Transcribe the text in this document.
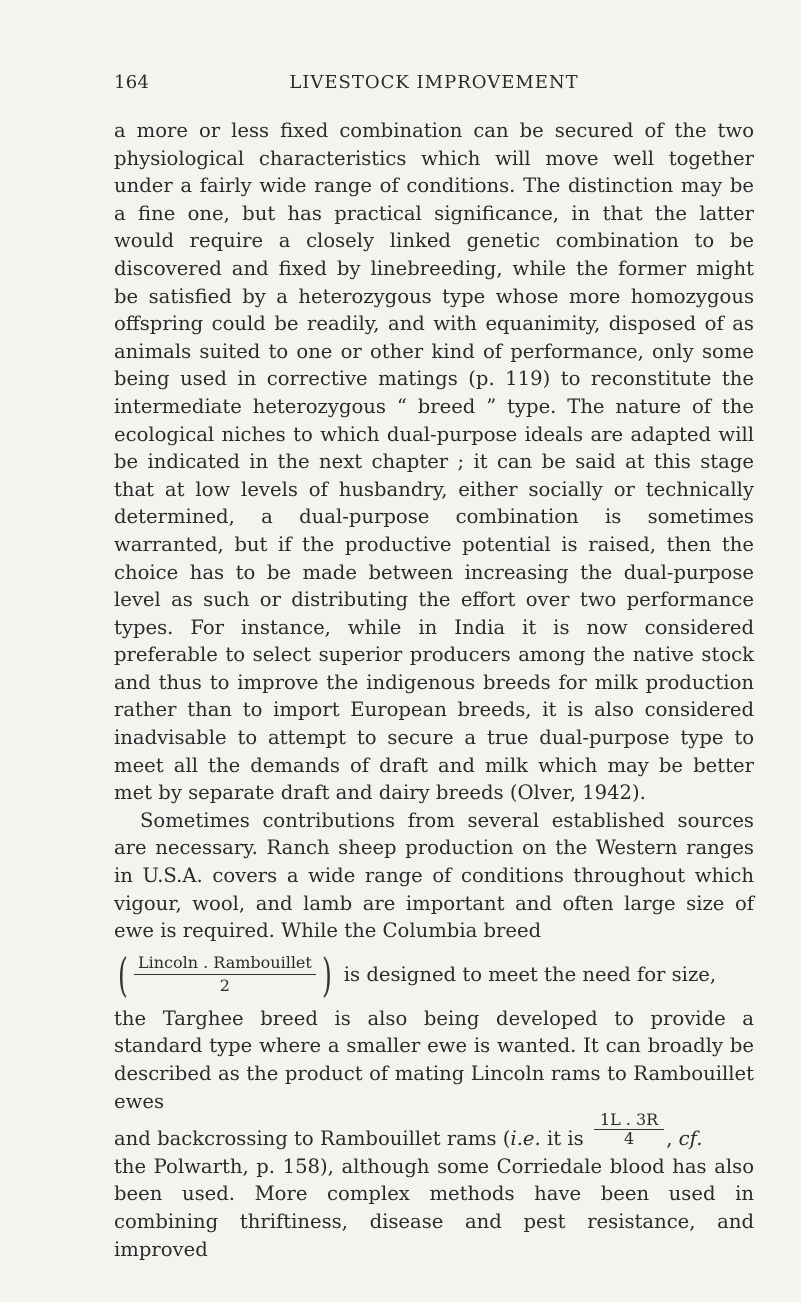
164	LIVESTOCK IMPROVEMENT

a more or less fixed combination can be secured of the two physiological characteristics which will move well together under a fairly wide range of conditions. The distinction may be a fine one, but has practical significance, in that the latter would require a closely linked genetic combination to be discovered and fixed by linebreeding, while the former might be satisfied by a heterozygous type whose more homozygous offspring could be readily, and with equanimity, disposed of as animals suited to one or other kind of performance, only some being used in corrective matings (p. 119) to reconstitute the intermediate heterozygous “ breed ” type. The nature of the ecological niches to which dual-purpose ideals are adapted will be indicated in the next chapter ; it can be said at this stage that at low levels of husbandry, either socially or technically determined, a dual-purpose combination is sometimes warranted, but if the productive potential is raised, then the choice has to be made between increasing the dual-purpose level as such or distributing the effort over two performance types. For instance, while in India it is now considered preferable to select superior producers among the native stock and thus to improve the indigenous breeds for milk production rather than to import European breeds, it is also considered inadvisable to attempt to secure a true dual-purpose type to meet all the demands of draft and milk which may be better met by separate draft and dairy breeds (Olver, 1942).

Sometimes contributions from several established sources are necessary. Ranch sheep production on the Western ranges in U.S.A. covers a wide range of conditions throughout which vigour, wool, and lamb are important and often large size of ewe is required. While the Columbia breed

( $\frac{\text{Lincoln . Rambouillet}}{2}$ ) is designed to meet the need for size,

the Targhee breed is also being developed to provide a standard type where a smaller ewe is wanted. It can broadly be described as the product of mating Lincoln rams to Rambouillet ewes

and backcrossing to Rambouillet rams (i.e. it is $\frac{1L . 3R}{4}$ , cf.

the Polwarth, p. 158), although some Corriedale blood has also been used. More complex methods have been used in combining thriftiness, disease and pest resistance, and improved
